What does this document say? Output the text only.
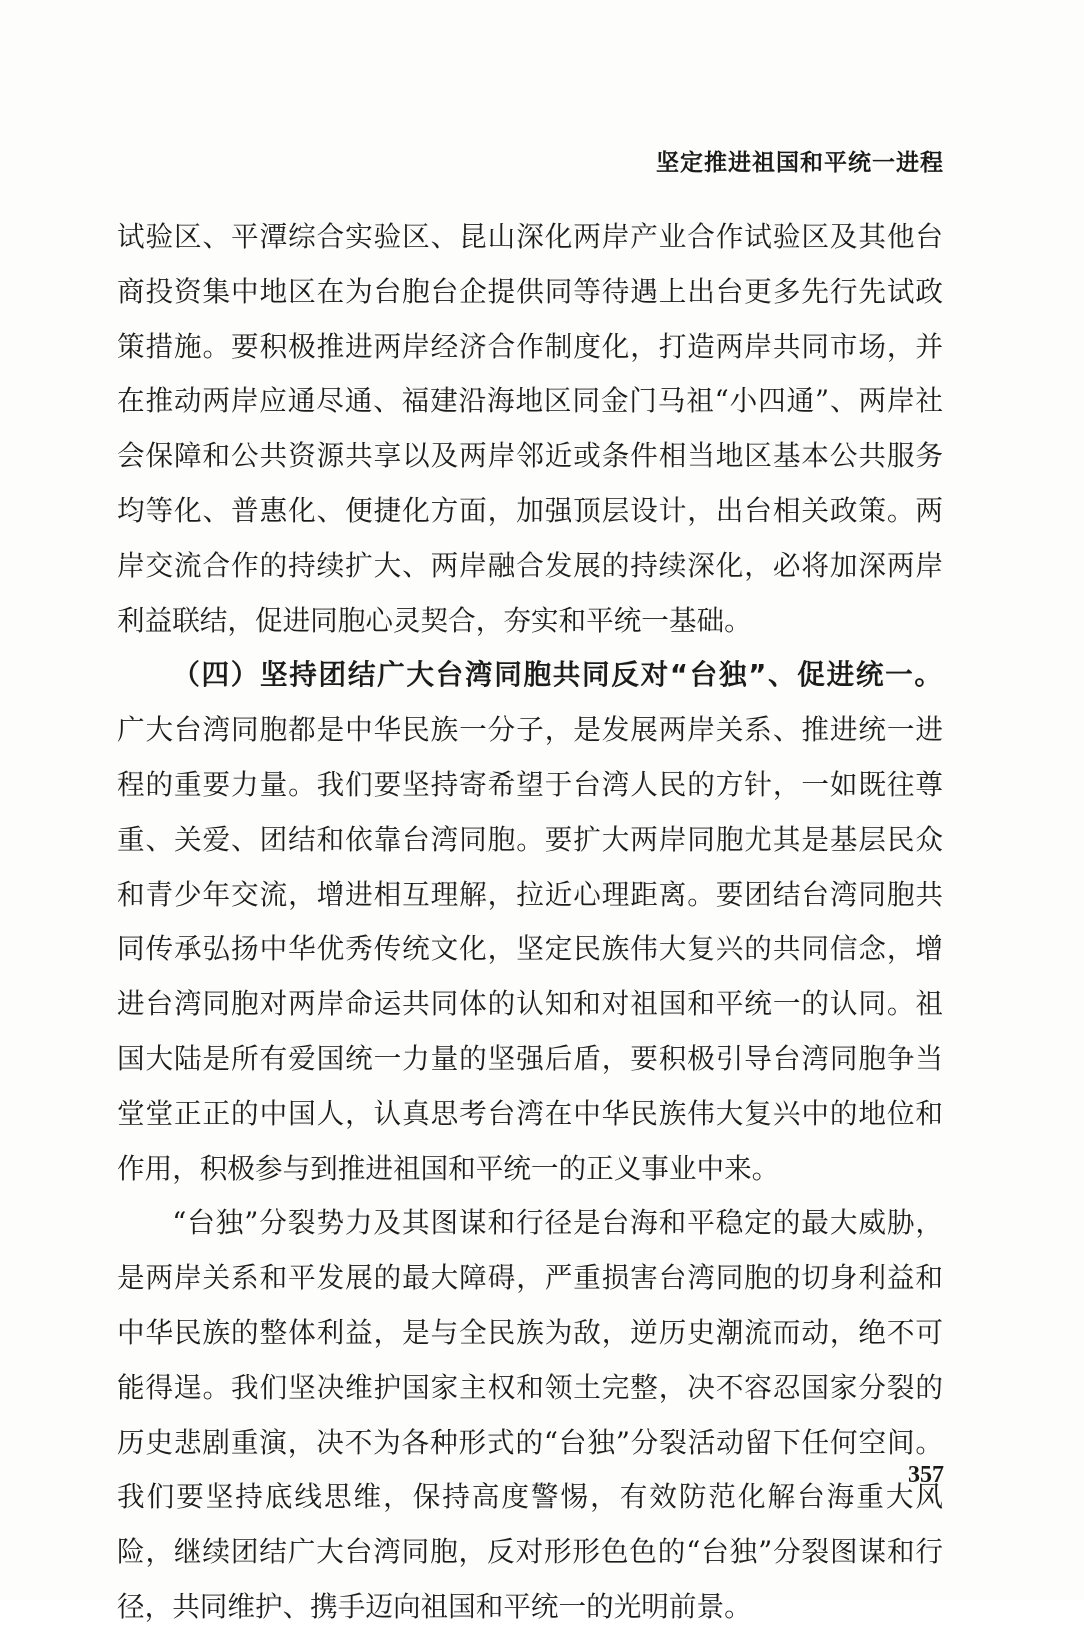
坚定推进祖国和平统一进程

试验区、平潭综合实验区、昆山深化两岸产业合作试验区及其他台商投资集中地区在为台胞台企提供同等待遇上出台更多先行先试政策措施。要积极推进两岸经济合作制度化，打造两岸共同市场，并在推动两岸应通尽通、福建沿海地区同金门马祖“小四通”、两岸社会保障和公共资源共享以及两岸邻近或条件相当地区基本公共服务均等化、普惠化、便捷化方面，加强顶层设计，出台相关政策。两岸交流合作的持续扩大、两岸融合发展的持续深化，必将加深两岸利益联结，促进同胞心灵契合，夯实和平统一基础。

（四）坚持团结广大台湾同胞共同反对“台独”、促进统一。广大台湾同胞都是中华民族一分子，是发展两岸关系、推进统一进程的重要力量。我们要坚持寄希望于台湾人民的方针，一如既往尊重、关爱、团结和依靠台湾同胞。要扩大两岸同胞尤其是基层民众和青少年交流，增进相互理解，拉近心理距离。要团结台湾同胞共同传承弘扬中华优秀传统文化，坚定民族伟大复兴的共同信念，增进台湾同胞对两岸命运共同体的认知和对祖国和平统一的认同。祖国大陆是所有爱国统一力量的坚强后盾，要积极引导台湾同胞争当堂堂正正的中国人，认真思考台湾在中华民族伟大复兴中的地位和作用，积极参与到推进祖国和平统一的正义事业中来。

“台独”分裂势力及其图谋和行径是台海和平稳定的最大威胁，是两岸关系和平发展的最大障碍，严重损害台湾同胞的切身利益和中华民族的整体利益，是与全民族为敌，逆历史潮流而动，绝不可能得逞。我们坚决维护国家主权和领土完整，决不容忍国家分裂的历史悲剧重演，决不为各种形式的“台独”分裂活动留下任何空间。我们要坚持底线思维，保持高度警惕，有效防范化解台海重大风险，继续团结广大台湾同胞，反对形形色色的“台独”分裂图谋和行径，共同维护、携手迈向祖国和平统一的光明前景。

357
